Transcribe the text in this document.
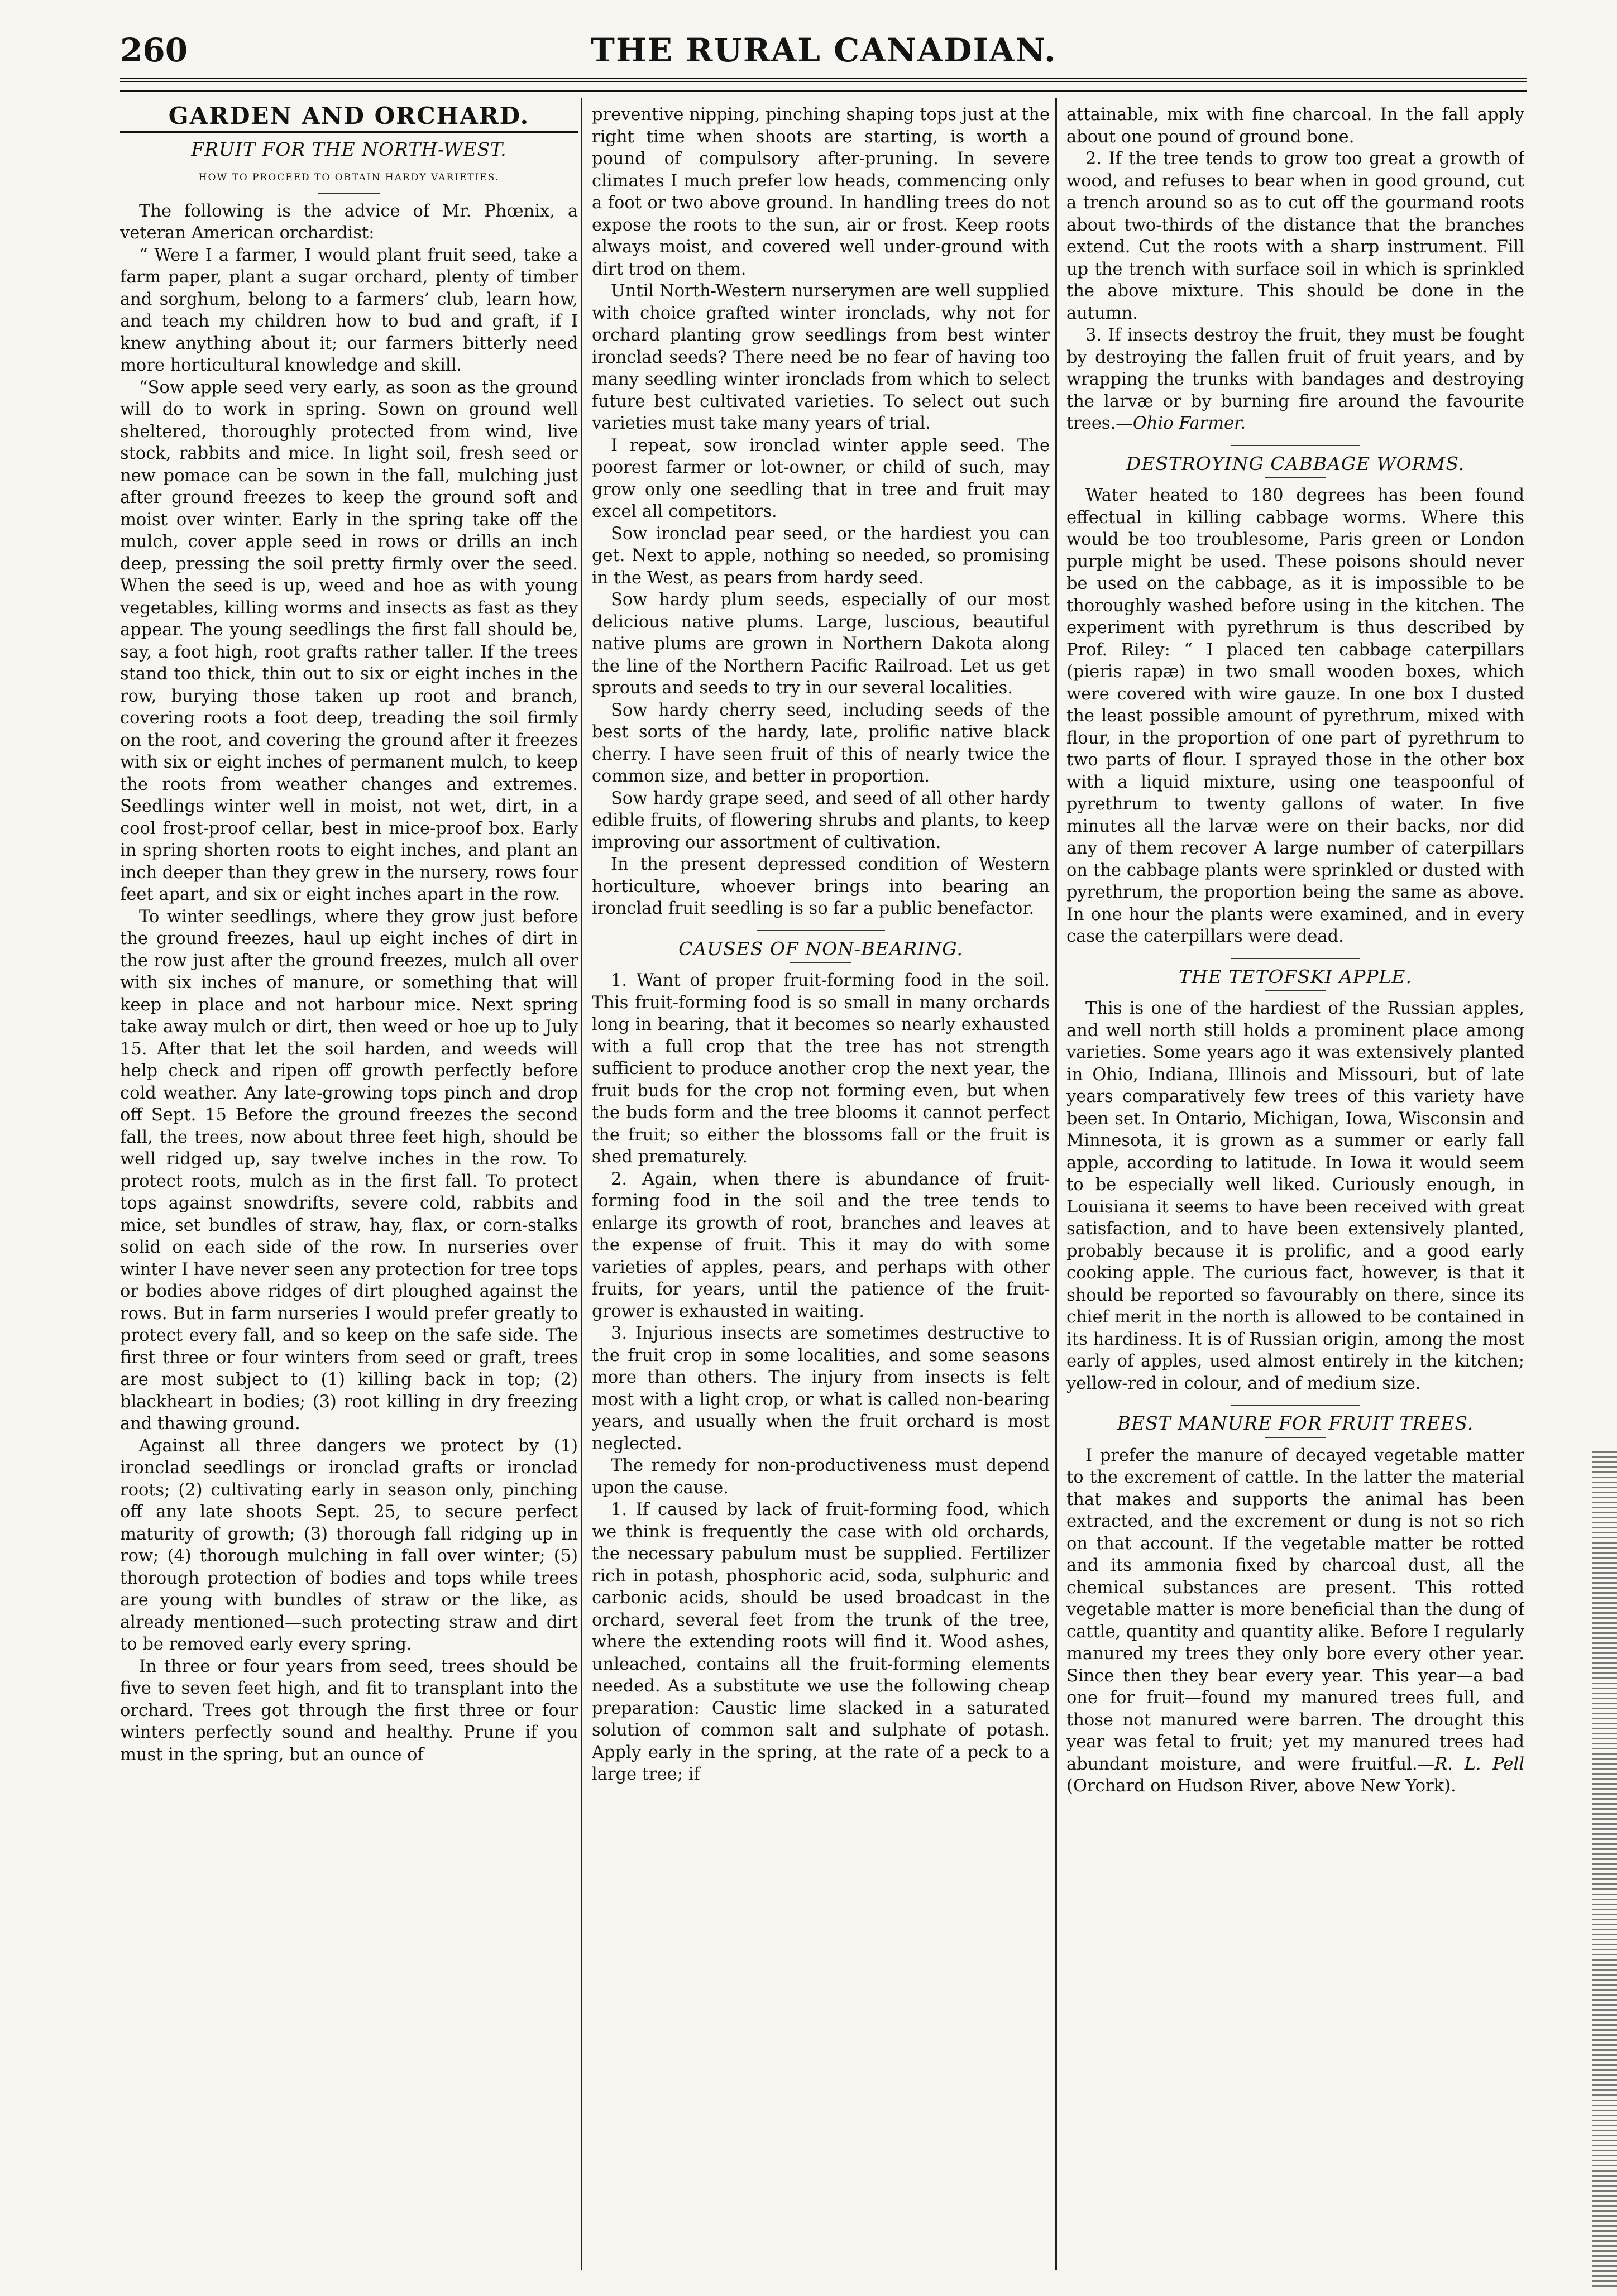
260	THE RURAL CANADIAN.
GARDEN AND ORCHARD.
FRUIT FOR THE NORTH-WEST.
HOW TO PROCEED TO OBTAIN HARDY VARIETIES.

The following is the advice of Mr. Phœnix, a veteran American orchardist:

“ Were I a farmer, I would plant fruit seed, take a farm paper, plant a sugar orchard, plenty of timber and sorghum, belong to a farmers’ club, learn how, and teach my children how to bud and graft, if I knew anything about it; our farmers bitterly need more horticultural knowledge and skill.

“Sow apple seed very early, as soon as the ground will do to work in spring. Sown on ground well sheltered, thoroughly protected from wind, live stock, rabbits and mice. In light soil, fresh seed or new pomace can be sown in the fall, mulching just after ground freezes to keep the ground soft and moist over winter. Early in the spring take off the mulch, cover apple seed in rows or drills an inch deep, pressing the soil pretty firmly over the seed. When the seed is up, weed and hoe as with young vegetables, killing worms and insects as fast as they appear. The young seedlings the first fall should be, say, a foot high, root grafts rather taller. If the trees stand too thick, thin out to six or eight inches in the row, burying those taken up root and branch, covering roots a foot deep, treading the soil firmly on the root, and covering the ground after it freezes with six or eight inches of permanent mulch, to keep the roots from weather changes and extremes. Seedlings winter well in moist, not wet, dirt, in a cool frost-proof cellar, best in mice-proof box. Early in spring shorten roots to eight inches, and plant an inch deeper than they grew in the nursery, rows four feet apart, and six or eight inches apart in the row.

To winter seedlings, where they grow just before the ground freezes, haul up eight inches of dirt in the row just after the ground freezes, mulch all over with six inches of manure, or something that will keep in place and not harbour mice. Next spring take away mulch or dirt, then weed or hoe up to July 15. After that let the soil harden, and weeds will help check and ripen off growth perfectly before cold weather. Any late-growing tops pinch and drop off Sept. 15 Before the ground freezes the second fall, the trees, now about three feet high, should be well ridged up, say twelve inches in the row. To protect roots, mulch as in the first fall. To protect tops against snowdrifts, severe cold, rabbits and mice, set bundles of straw, hay, flax, or corn-stalks solid on each side of the row. In nurseries over winter I have never seen any protection for tree tops or bodies above ridges of dirt ploughed against the rows. But in farm nurseries I would prefer greatly to protect every fall, and so keep on the safe side. The first three or four winters from seed or graft, trees are most subject to (1) killing back in top; (2) blackheart in bodies; (3) root killing in dry freezing and thawing ground.

Against all three dangers we protect by (1) ironclad seedlings or ironclad grafts or ironclad roots; (2) cultivating early in season only, pinching off any late shoots Sept. 25, to secure perfect maturity of growth; (3) thorough fall ridging up in row; (4) thorough mulching in fall over winter; (5) thorough protection of bodies and tops while trees are young with bundles of straw or the like, as already mentioned—such protecting straw and dirt to be removed early every spring.

In three or four years from seed, trees should be five to seven feet high, and fit to transplant into the orchard. Trees got through the first three or four winters perfectly sound and healthy. Prune if you must in the spring, but an ounce of

preventive nipping, pinching shaping tops just at the right time when shoots are starting, is worth a pound of compulsory after-pruning. In severe climates I much prefer low heads, commencing only a foot or two above ground. In handling trees do not expose the roots to the sun, air or frost. Keep roots always moist, and covered well under-ground with dirt trod on them.

Until North-Western nurserymen are well supplied with choice grafted winter ironclads, why not for orchard planting grow seedlings from best winter ironclad seeds? There need be no fear of having too many seedling winter ironclads from which to select future best cultivated varieties. To select out such varieties must take many years of trial.

I repeat, sow ironclad winter apple seed. The poorest farmer or lot-owner, or child of such, may grow only one seedling that in tree and fruit may excel all competitors.

Sow ironclad pear seed, or the hardiest you can get. Next to apple, nothing so needed, so promising in the West, as pears from hardy seed.

Sow hardy plum seeds, especially of our most delicious native plums. Large, luscious, beautiful native plums are grown in Northern Dakota along the line of the Northern Pacific Railroad. Let us get sprouts and seeds to try in our several localities.

Sow hardy cherry seed, including seeds of the best sorts of the hardy, late, prolific native black cherry. I have seen fruit of this of nearly twice the common size, and better in proportion.

Sow hardy grape seed, and seed of all other hardy edible fruits, of flowering shrubs and plants, to keep improving our assortment of cultivation.

In the present depressed condition of Western horticulture, whoever brings into bearing an ironclad fruit seedling is so far a public benefactor.

CAUSES OF NON-BEARING.

1. Want of proper fruit-forming food in the soil. This fruit-forming food is so small in many orchards long in bearing, that it becomes so nearly exhausted with a full crop that the tree has not strength sufficient to produce another crop the next year, the fruit buds for the crop not forming even, but when the buds form and the tree blooms it cannot perfect the fruit; so either the blossoms fall or the fruit is shed prematurely.

2. Again, when there is abundance of fruit-forming food in the soil and the tree tends to enlarge its growth of root, branches and leaves at the expense of fruit. This it may do with some varieties of apples, pears, and perhaps with other fruits, for years, until the patience of the fruit-grower is exhausted in waiting.

3. Injurious insects are sometimes destructive to the fruit crop in some localities, and some seasons more than others. The injury from insects is felt most with a light crop, or what is called non-bearing years, and usually when the fruit orchard is most neglected.

The remedy for non-productiveness must depend upon the cause.

1. If caused by lack of fruit-forming food, which we think is frequently the case with old orchards, the necessary pabulum must be supplied. Fertilizer rich in potash, phosphoric acid, soda, sulphuric and carbonic acids, should be used broadcast in the orchard, several feet from the trunk of the tree, where the extending roots will find it. Wood ashes, unleached, contains all the fruit-forming elements needed. As a substitute we use the following cheap preparation: Caustic lime slacked in a saturated solution of common salt and sulphate of potash. Apply early in the spring, at the rate of a peck to a large tree; if

attainable, mix with fine charcoal. In the fall apply about one pound of ground bone.

2. If the tree tends to grow too great a growth of wood, and refuses to bear when in good ground, cut a trench around so as to cut off the gourmand roots about two-thirds of the distance that the branches extend. Cut the roots with a sharp instrument. Fill up the trench with surface soil in which is sprinkled the above mixture. This should be done in the autumn.

3. If insects destroy the fruit, they must be fought by destroying the fallen fruit of fruit years, and by wrapping the trunks with bandages and destroying the larvæ or by burning fire around the favourite trees.—Ohio Farmer.

DESTROYING CABBAGE WORMS.

Water heated to 180 degrees has been found effectual in killing cabbage worms. Where this would be too troublesome, Paris green or London purple might be used. These poisons should never be used on the cabbage, as it is impossible to be thoroughly washed before using in the kitchen. The experiment with pyrethrum is thus described by Prof. Riley: “ I placed ten cabbage caterpillars (pieris rapæ) in two small wooden boxes, which were covered with wire gauze. In one box I dusted the least possible amount of pyrethrum, mixed with flour, in the proportion of one part of pyrethrum to two parts of flour. I sprayed those in the other box with a liquid mixture, using one teaspoonful of pyrethrum to twenty gallons of water. In five minutes all the larvæ were on their backs, nor did any of them recover A large number of caterpillars on the cabbage plants were sprinkled or dusted with pyrethrum, the proportion being the same as above. In one hour the plants were examined, and in every case the caterpillars were dead.

THE TETOFSKI APPLE.

This is one of the hardiest of the Russian apples, and well north still holds a prominent place among varieties. Some years ago it was extensively planted in Ohio, Indiana, Illinois and Missouri, but of late years comparatively few trees of this variety have been set. In Ontario, Michigan, Iowa, Wisconsin and Minnesota, it is grown as a summer or early fall apple, according to latitude. In Iowa it would seem to be especially well liked. Curiously enough, in Louisiana it seems to have been received with great satisfaction, and to have been extensively planted, probably because it is prolific, and a good early cooking apple. The curious fact, however, is that it should be reported so favourably on there, since its chief merit in the north is allowed to be contained in its hardiness. It is of Russian origin, among the most early of apples, used almost entirely in the kitchen; yellow-red in colour, and of medium size.

BEST MANURE FOR FRUIT TREES.

I prefer the manure of decayed vegetable matter to the excrement of cattle. In the latter the material that makes and supports the animal has been extracted, and the excrement or dung is not so rich on that account. If the vegetable matter be rotted and its ammonia fixed by charcoal dust, all the chemical substances are present. This rotted vegetable matter is more beneficial than the dung of cattle, quantity and quantity alike. Before I regularly manured my trees they only bore every other year. Since then they bear every year. This year—a bad one for fruit—found my manured trees full, and those not manured were barren. The drought this year was fetal to fruit; yet my manured trees had abundant moisture, and were fruitful.—R. L. Pell (Orchard on Hudson River, above New York).
